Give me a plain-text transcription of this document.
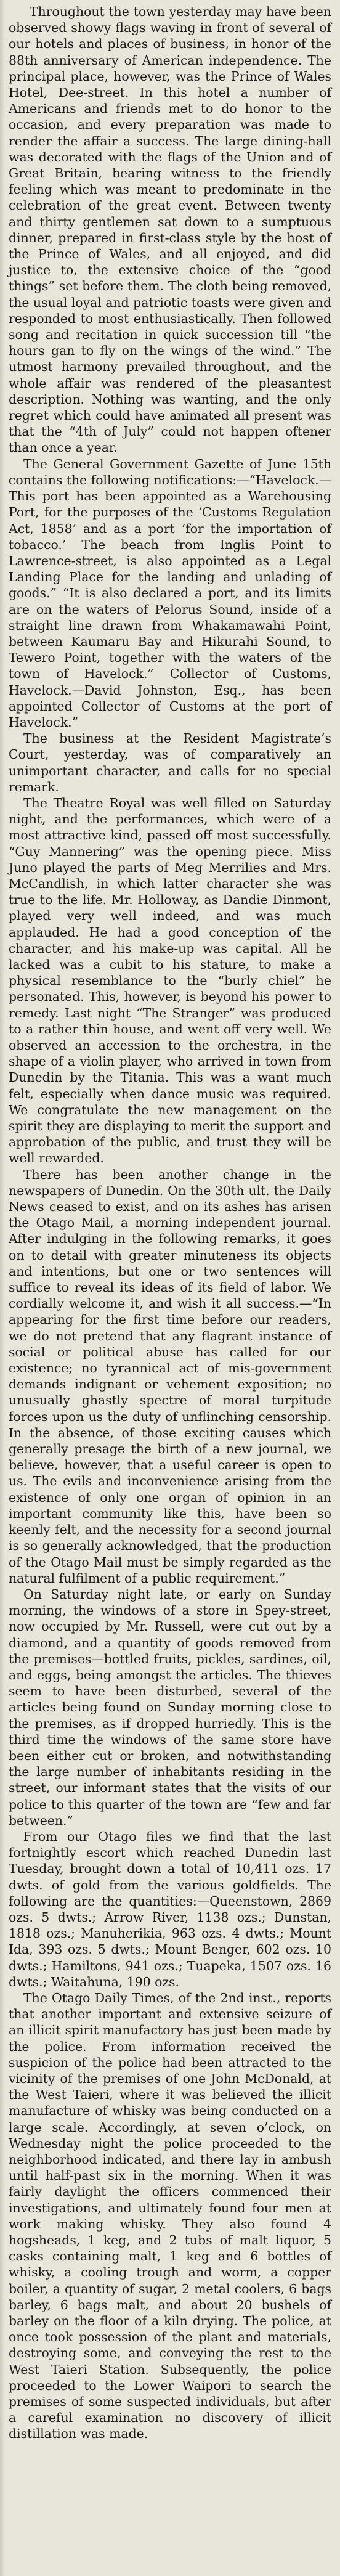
Throughout the town yesterday may have been observed showy flags waving in front of several of our hotels and places of business, in honor of the 88th anniversary of American independence. The principal place, however, was the Prince of Wales Hotel, Dee-street. In this hotel a number of Americans and friends met to do honor to the occasion, and every preparation was made to render the affair a success. The large dining-hall was decorated with the flags of the Union and of Great Britain, bearing witness to the friendly feeling which was meant to predominate in the celebration of the great event. Between twenty and thirty gentlemen sat down to a sumptuous dinner, prepared in first-class style by the host of the Prince of Wales, and all enjoyed, and did justice to, the extensive choice of the “good things” set before them. The cloth being removed, the usual loyal and patriotic toasts were given and responded to most enthusiastically. Then followed song and recitation in quick succession till “the hours gan to fly on the wings of the wind.” The utmost harmony prevailed throughout, and the whole affair was rendered of the pleasantest description. Nothing was wanting, and the only regret which could have animated all present was that the “4th of July” could not happen oftener than once a year.

The General Government Gazette of June 15th contains the following notifications:—“Havelock.—This port has been appointed as a Warehousing Port, for the purposes of the ‘Customs Regulation Act, 1858’ and as a port ‘for the importation of tobacco.’ The beach from Inglis Point to Lawrence-street, is also appointed as a Legal Landing Place for the landing and unlading of goods.” “It is also declared a port, and its limits are on the waters of Pelorus Sound, inside of a straight line drawn from Whakamawahi Point, between Kaumaru Bay and Hikurahi Sound, to Tewero Point, together with the waters of the town of Havelock.” Collector of Customs, Havelock.—David Johnston, Esq., has been appointed Collector of Customs at the port of Havelock.”

The business at the Resident Magistrate’s Court, yesterday, was of comparatively an unimportant character, and calls for no special remark.

The Theatre Royal was well filled on Saturday night, and the performances, which were of a most attractive kind, passed off most successfully. “Guy Mannering” was the opening piece. Miss Juno played the parts of Meg Merrilies and Mrs. McCandlish, in which latter character she was true to the life. Mr. Holloway, as Dandie Dinmont, played very well indeed, and was much applauded. He had a good conception of the character, and his make-up was capital. All he lacked was a cubit to his stature, to make a physical resemblance to the “burly chiel” he personated. This, however, is beyond his power to remedy. Last night “The Stranger” was produced to a rather thin house, and went off very well. We observed an accession to the orchestra, in the shape of a violin player, who arrived in town from Dunedin by the Titania. This was a want much felt, especially when dance music was required. We congratulate the new management on the spirit they are displaying to merit the support and approbation of the public, and trust they will be well rewarded.

There has been another change in the newspapers of Dunedin. On the 30th ult. the Daily News ceased to exist, and on its ashes has arisen the Otago Mail, a morning independent journal. After indulging in the following remarks, it goes on to detail with greater minuteness its objects and intentions, but one or two sentences will suffice to reveal its ideas of its field of labor. We cordially welcome it, and wish it all success.—“In appearing for the first time before our readers, we do not pretend that any flagrant instance of social or political abuse has called for our existence; no tyrannical act of mis-government demands indignant or vehement exposition; no unusually ghastly spectre of moral turpitude forces upon us the duty of unflinching censorship. In the absence, of those exciting causes which generally presage the birth of a new journal, we believe, however, that a useful career is open to us. The evils and inconvenience arising from the existence of only one organ of opinion in an important community like this, have been so keenly felt, and the necessity for a second journal is so generally acknowledged, that the production of the Otago Mail must be simply regarded as the natural fulfilment of a public requirement.”

On Saturday night late, or early on Sunday morning, the windows of a store in Spey-street, now occupied by Mr. Russell, were cut out by a diamond, and a quantity of goods removed from the premises—bottled fruits, pickles, sardines, oil, and eggs, being amongst the articles. The thieves seem to have been disturbed, several of the articles being found on Sunday morning close to the premises, as if dropped hurriedly. This is the third time the windows of the same store have been either cut or broken, and notwithstanding the large number of inhabitants residing in the street, our informant states that the visits of our police to this quarter of the town are “few and far between.”

From our Otago files we find that the last fortnightly escort which reached Dunedin last Tuesday, brought down a total of 10,411 ozs. 17 dwts. of gold from the various goldfields. The following are the quantities:—Queenstown, 2869 ozs. 5 dwts.; Arrow River, 1138 ozs.; Dunstan, 1818 ozs.; Manuherikia, 963 ozs. 4 dwts.; Mount Ida, 393 ozs. 5 dwts.; Mount Benger, 602 ozs. 10 dwts.; Hamiltons, 941 ozs.; Tuapeka, 1507 ozs. 16 dwts.; Waitahuna, 190 ozs.

The Otago Daily Times, of the 2nd inst., reports that another important and extensive seizure of an illicit spirit manufactory has just been made by the police. From information received the suspicion of the police had been attracted to the vicinity of the premises of one John McDonald, at the West Taieri, where it was believed the illicit manufacture of whisky was being conducted on a large scale. Accordingly, at seven o’clock, on Wednesday night the police proceeded to the neighborhood indicated, and there lay in ambush until half-past six in the morning. When it was fairly daylight the officers commenced their investigations, and ultimately found four men at work making whisky. They also found 4 hogsheads, 1 keg, and 2 tubs of malt liquor, 5 casks containing malt, 1 keg and 6 bottles of whisky, a cooling trough and worm, a copper boiler, a quantity of sugar, 2 metal coolers, 6 bags barley, 6 bags malt, and about 20 bushels of barley on the floor of a kiln drying. The police, at once took possession of the plant and materials, destroying some, and conveying the rest to the West Taieri Station. Subsequently, the police proceeded to the Lower Waipori to search the premises of some suspected individuals, but after a careful examination no discovery of illicit distillation was made.
